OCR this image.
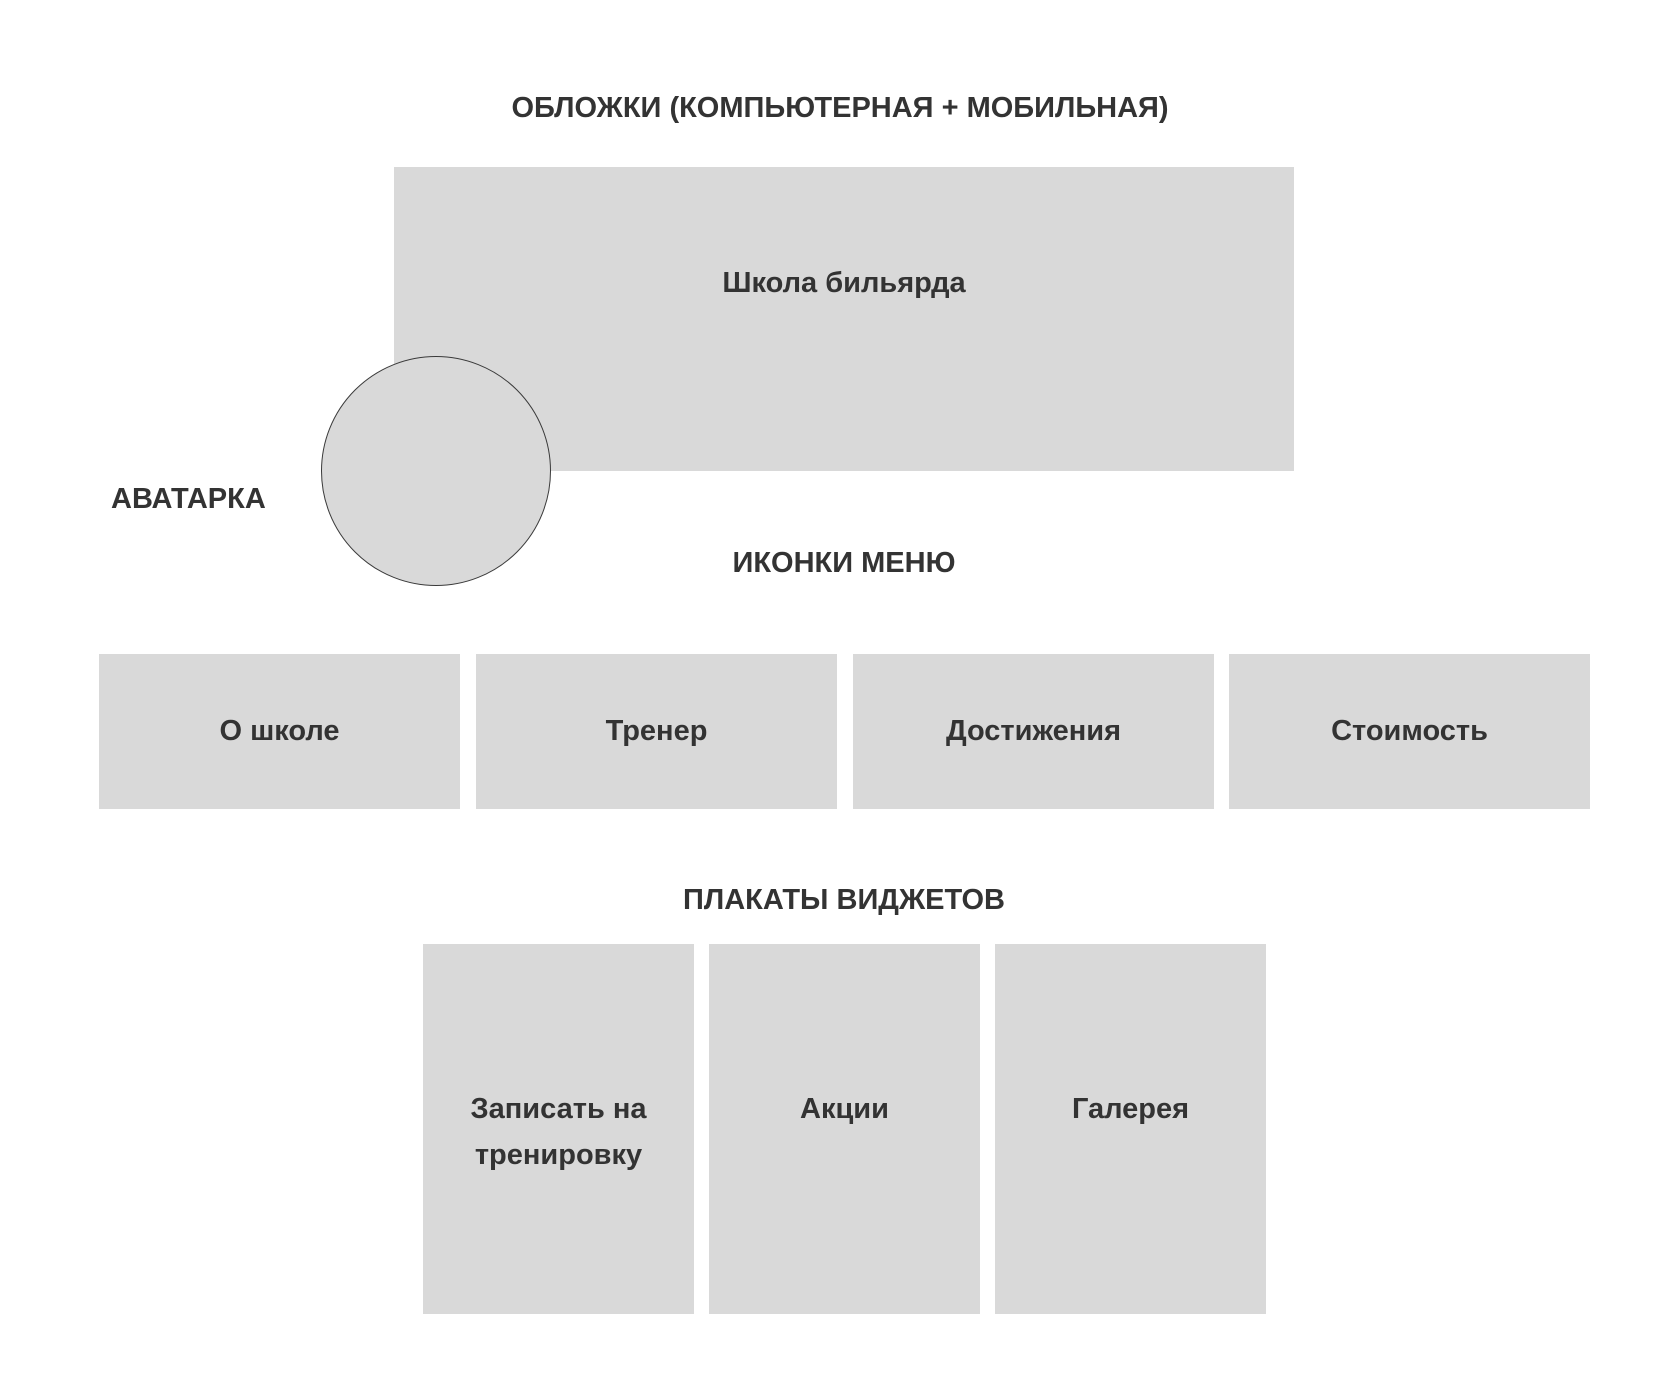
ОБЛОЖКИ (КОМПЬЮТЕРНАЯ + МОБИЛЬНАЯ)
Школа бильярда
АВАТАРКА
ИКОНКИ МЕНЮ
О школе	Тренер	Достижения	Стоимость
ПЛАКАТЫ ВИДЖЕТОВ
Записать на тренировку
Акции	Галерея
